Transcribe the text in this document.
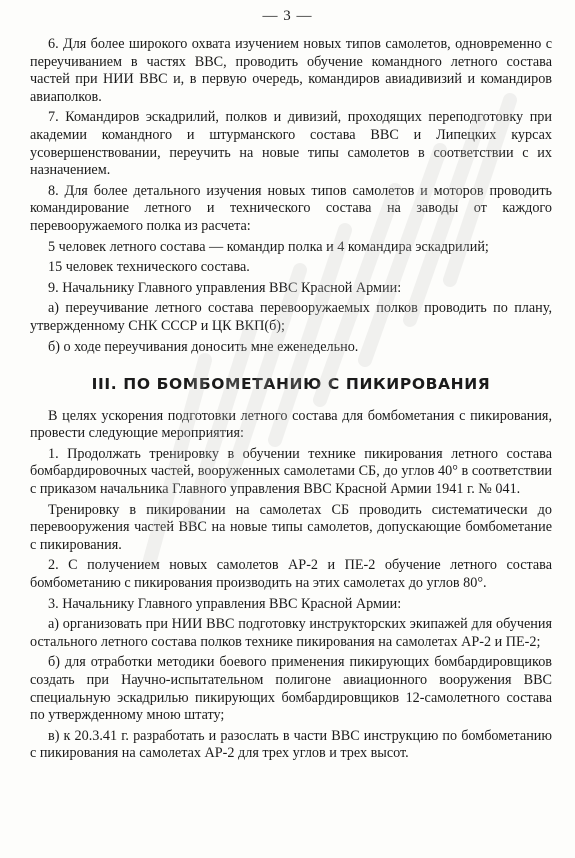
— 3 —

6. Для более широкого охвата изучением новых типов самолетов, одновременно с переучиванием в частях ВВС, проводить обучение командного летного состава частей при НИИ ВВС и, в первую очередь, командиров авиадивизий и командиров авиаполков.

7. Командиров эскадрилий, полков и дивизий, проходящих переподготовку при академии командного и штурманского состава ВВС и Липецких курсах усовершенствовании, переучить на новые типы самолетов в соответствии с их назначением.

8. Для более детального изучения новых типов самолетов и моторов проводить командирование летного и технического состава на заводы от каждого перевооружаемого полка из расчета:

5 человек летного состава — командир полка и 4 командира эскадрилий;

15 человек технического состава.

9. Начальнику Главного управления ВВС Красной Армии:

а) переучивание летного состава перевооружаемых полков проводить по плану, утвержденному СНК СССР и ЦК ВКП(б);

б) о ходе переучивания доносить мне еженедельно.

III. ПО БОМБОМЕТАНИЮ С ПИКИРОВАНИЯ

В целях ускорения подготовки летного состава для бомбометания с пикирования, провести следующие мероприятия:

1. Продолжать тренировку в обучении технике пикирования летного состава бомбардировочных частей, вооруженных самолетами СБ, до углов 40° в соответствии с приказом начальника Главного управления ВВС Красной Армии 1941 г. № 041.

Тренировку в пикировании на самолетах СБ проводить систематически до перевооружения частей ВВС на новые типы самолетов, допускающие бомбометание с пикирования.

2. С получением новых самолетов АР-2 и ПЕ-2 обучение летного состава бомбометанию с пикирования производить на этих самолетах до углов 80°.

3. Начальнику Главного управления ВВС Красной Армии:

а) организовать при НИИ ВВС подготовку инструкторских экипажей для обучения остального летного состава полков технике пикирования на самолетах АР-2 и ПЕ-2;

б) для отработки методики боевого применения пикирующих бомбардировщиков создать при Научно-испытательном полигоне авиационного вооружения ВВС специальную эскадрилью пикирующих бомбардировщиков 12-самолетного состава по утвержденному мною штату;

в) к 20.3.41 г. разработать и разослать в части ВВС инструкцию по бомбометанию с пикирования на самолетах АР-2 для трех углов и трех высот.
